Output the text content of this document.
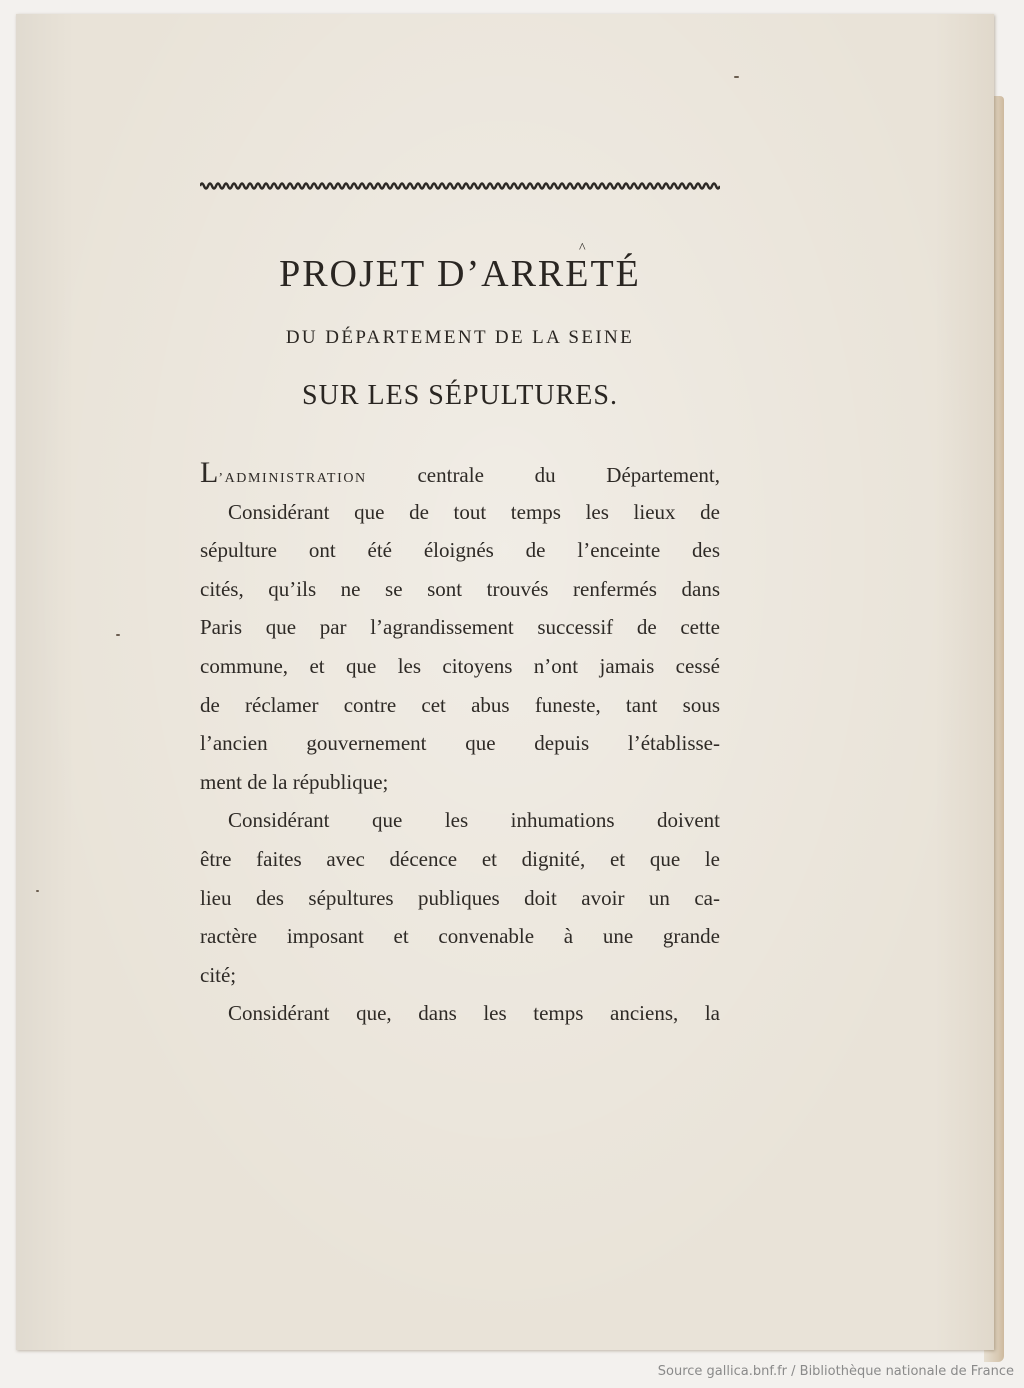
^
PROJET D’ARRETÉ

DU DÉPARTEMENT DE LA SEINE

SUR LES SÉPULTURES.

L’ADMINISTRATION centrale du Département,
Considérant que de tout temps les lieux de
sépulture ont été éloignés de l’enceinte des
cités, qu’ils ne se sont trouvés renfermés dans
Paris que par l’agrandissement successif de cette
commune, et que les citoyens n’ont jamais cessé
de réclamer contre cet abus funeste, tant sous
l’ancien gouvernement que depuis l’établisse-
ment de la république;
Considérant que les inhumations doivent
être faites avec décence et dignité, et que le
lieu des sépultures publiques doit avoir un ca-
ractère imposant et convenable à une grande
cité;
Considérant que, dans les temps anciens, la
Source gallica.bnf.fr / Bibliothèque nationale de France
